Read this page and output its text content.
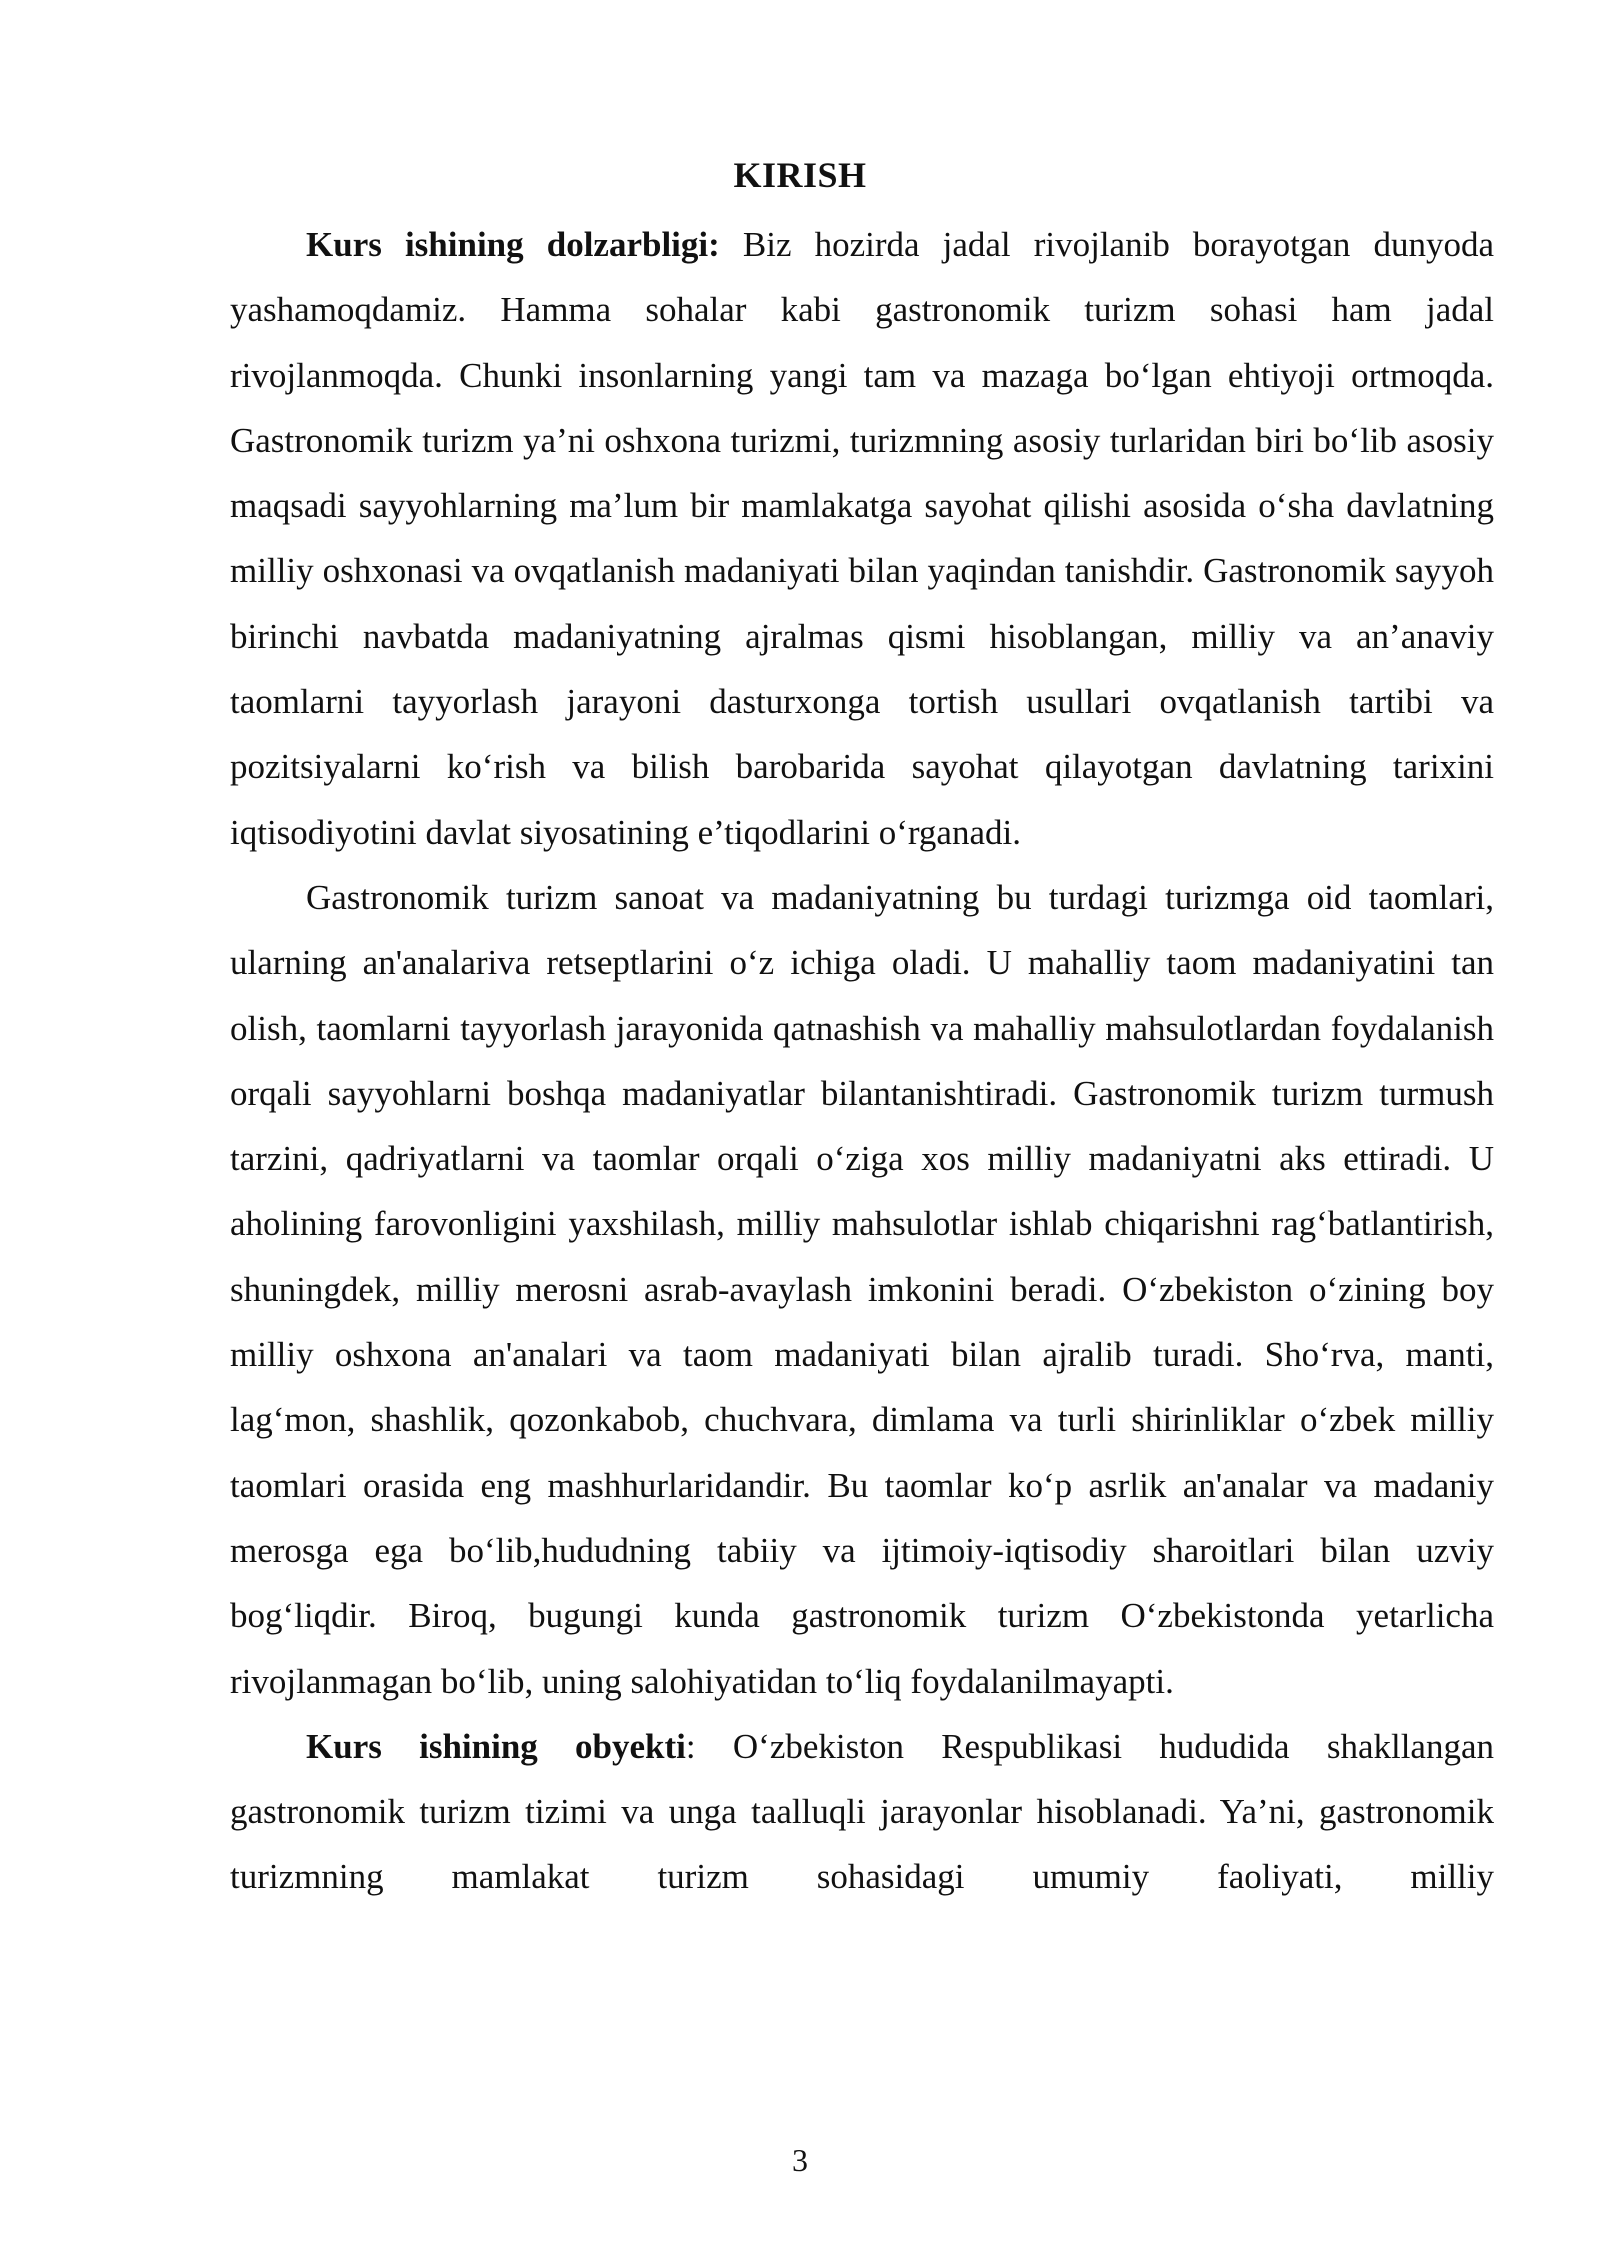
KIRISH

Kurs ishining dolzarbligi: Biz hozirda jadal rivojlanib borayotgan dunyoda yashamoqdamiz. Hamma sohalar kabi gastronomik turizm sohasi ham jadal rivojlanmoqda. Chunki insonlarning yangi tam va mazaga bo‘lgan ehtiyoji ortmoqda. Gastronomik turizm ya’ni oshxona turizmi, turizmning asosiy turlaridan biri bo‘lib asosiy maqsadi sayyohlarning ma’lum bir mamlakatga sayohat qilishi asosida o‘sha davlatning milliy oshxonasi va ovqatlanish madaniyati bilan yaqindan tanishdir. Gastronomik sayyoh birinchi navbatda madaniyatning ajralmas qismi hisoblangan, milliy va an’anaviy taomlarni tayyorlash jarayoni dasturxonga tortish usullari ovqatlanish tartibi va pozitsiyalarni ko‘rish va bilish barobarida sayohat qilayotgan davlatning tarixini iqtisodiyotini davlat siyosatining e’tiqodlarini o‘rganadi.

Gastronomik turizm sanoat va madaniyatning bu turdagi turizmga oid taomlari, ularning an'analariva retseptlarini o‘z ichiga oladi. U mahalliy taom madaniyatini tan olish, taomlarni tayyorlash jarayonida qatnashish va mahalliy mahsulotlardan foydalanish orqali sayyohlarni boshqa madaniyatlar bilantanishtiradi. Gastronomik turizm turmush tarzini, qadriyatlarni va taomlar orqali o‘ziga xos milliy madaniyatni aks ettiradi. U aholining farovonligini yaxshilash, milliy mahsulotlar ishlab chiqarishni rag‘batlantirish, shuningdek, milliy merosni asrab-avaylash imkonini beradi. O‘zbekiston o‘zining boy milliy oshxona an'analari va taom madaniyati bilan ajralib turadi. Sho‘rva, manti, lag‘mon, shashlik, qozonkabob, chuchvara, dimlama va turli shirinliklar o‘zbek milliy taomlari orasida eng mashhurlaridandir. Bu taomlar ko‘p asrlik an'analar va madaniy merosga ega bo‘lib,hududning tabiiy va ijtimoiy-iqtisodiy sharoitlari bilan uzviy bog‘liqdir. Biroq, bugungi kunda gastronomik turizm O‘zbekistonda yetarlicha rivojlanmagan bo‘lib, uning salohiyatidan to‘liq foydalanilmayapti.

Kurs ishining obyekti: O‘zbekiston Respublikasi hududida shakllangan gastronomik turizm tizimi va unga taalluqli jarayonlar hisoblanadi. Ya’ni, gastronomik turizmning mamlakat turizm sohasidagi umumiy faoliyati, milliy

3
